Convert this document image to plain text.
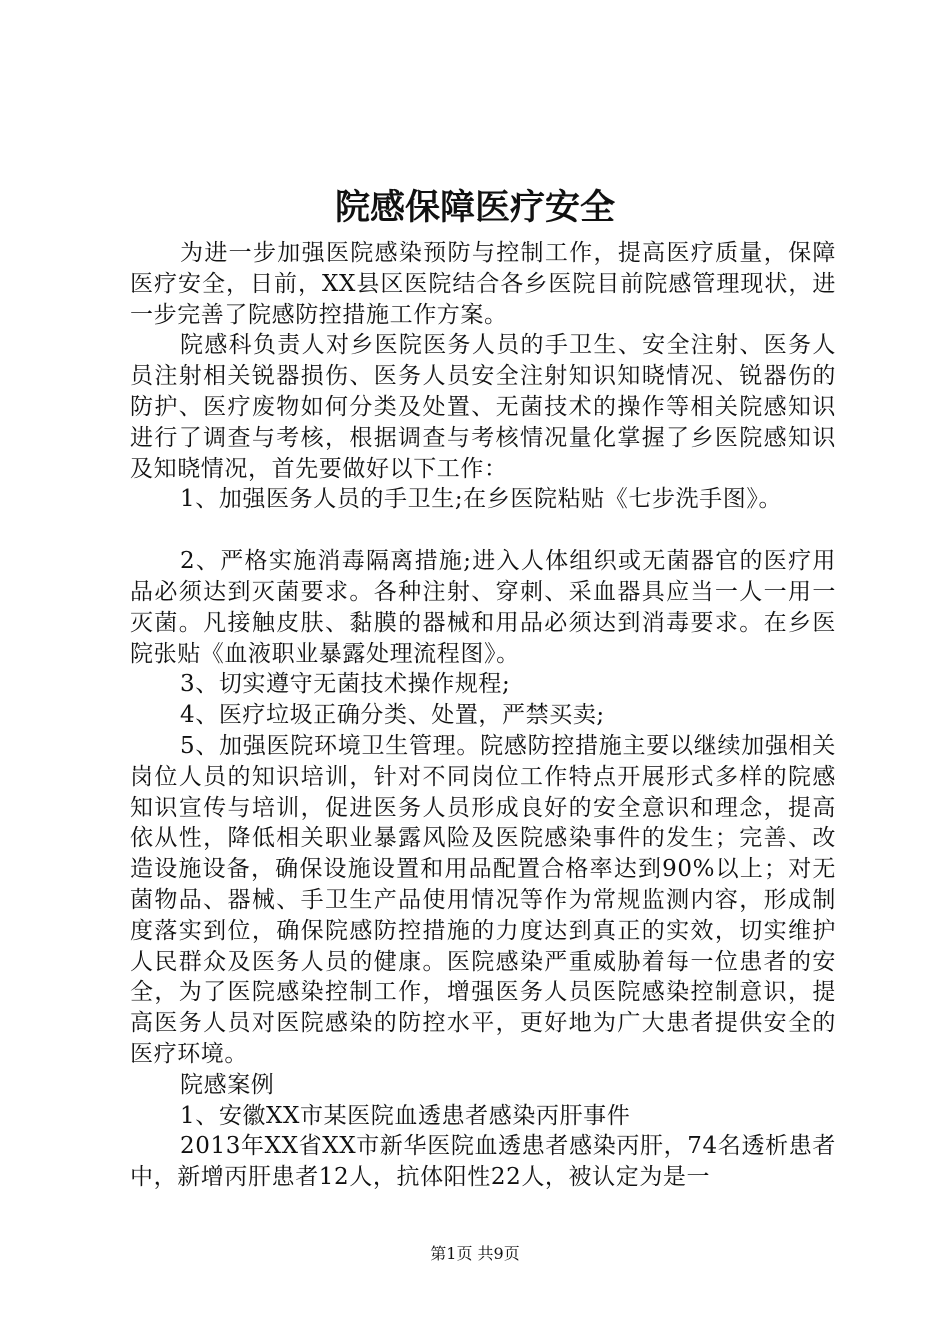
院感保障医疗安全

为进一步加强医院感染预防与控制工作，提高医疗质量，保障医疗安全，日前，XX县区医院结合各乡医院目前院感管理现状，进一步完善了院感防控措施工作方案。

院感科负责人对乡医院医务人员的手卫生、安全注射、医务人员注射相关锐器损伤、医务人员安全注射知识知晓情况、锐器伤的防护、医疗废物如何分类及处置、无菌技术的操作等相关院感知识进行了调查与考核，根据调查与考核情况量化掌握了乡医院感知识及知晓情况，首先要做好以下工作：

1、加强医务人员的手卫生;在乡医院粘贴《七步洗手图》。

2、严格实施消毒隔离措施;进入人体组织或无菌器官的医疗用品必须达到灭菌要求。各种注射、穿刺、采血器具应当一人一用一灭菌。凡接触皮肤、黏膜的器械和用品必须达到消毒要求。在乡医院张贴《血液职业暴露处理流程图》。

3、切实遵守无菌技术操作规程;

4、医疗垃圾正确分类、处置，严禁买卖;

5、加强医院环境卫生管理。院感防控措施主要以继续加强相关岗位人员的知识培训，针对不同岗位工作特点开展形式多样的院感知识宣传与培训，促进医务人员形成良好的安全意识和理念，提高依从性，降低相关职业暴露风险及医院感染事件的发生；完善、改造设施设备，确保设施设置和用品配置合格率达到90%以上；对无菌物品、器械、手卫生产品使用情况等作为常规监测内容，形成制度落实到位，确保院感防控措施的力度达到真正的实效，切实维护人民群众及医务人员的健康。医院感染严重威胁着每一位患者的安全，为了医院感染控制工作，增强医务人员医院感染控制意识，提高医务人员对医院感染的防控水平，更好地为广大患者提供安全的医疗环境。

院感案例

1、安徽XX市某医院血透患者感染丙肝事件

2013年XX省XX市新华医院血透患者感染丙肝，74名透析患者中，新增丙肝患者12人，抗体阳性22人，被认定为是一

第1页 共9页
